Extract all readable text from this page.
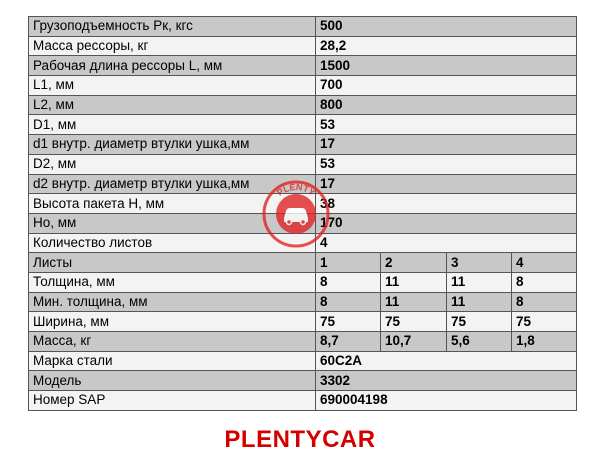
Грузоподъемность Pк, кгс	500			
Масса рессоры, кг	28,2			
Рабочая длина рессоры L, мм	1500			
L1, мм	700			
L2, мм	800			
D1, мм	53			
d1 внутр. диаметр втулки ушка,мм	17			
D2, мм	53			
d2 внутр. диаметр втулки ушка,мм	17			
Высота пакета H, мм	38			
Ho, мм	170			
Количество листов	4			
Листы	1	2	3	4
Толщина, мм	8	11	11	8
Мин. толщина, мм	8	11	11	8
Ширина, мм	75	75	75	75
Масса, кг	8,7	10,7	5,6	1,8
Марка стали	60С2А			
Модель	3302			
Номер SAP	690004198			
PLENTY
CAR
PLENTYCAR
